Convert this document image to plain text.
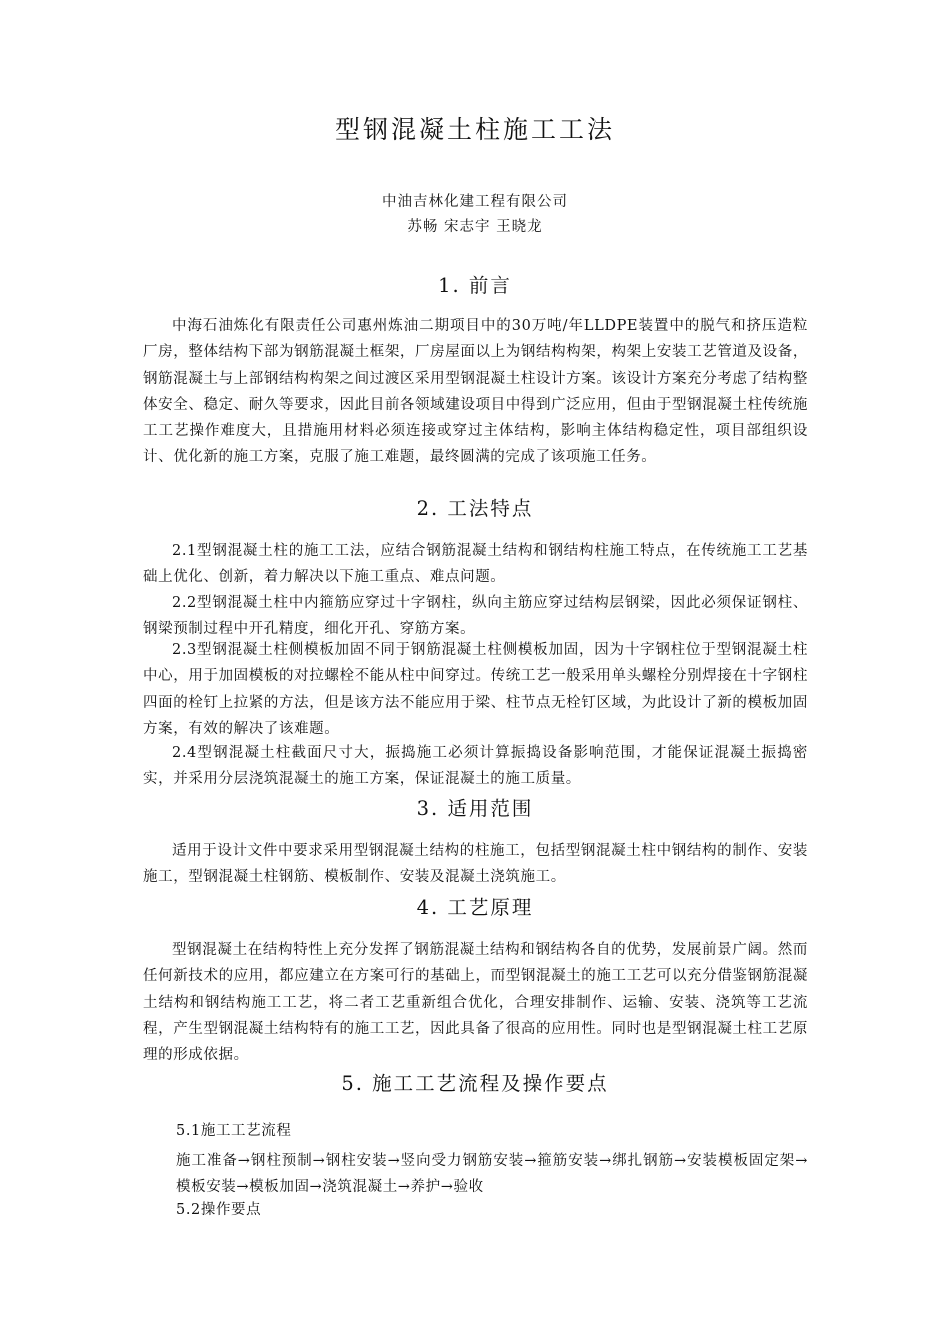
型钢混凝土柱施工工法
中油吉林化建工程有限公司
苏畅 宋志宇 王晓龙
1. 前言
中海石油炼化有限责任公司惠州炼油二期项目中的30万吨/年LLDPE装置中的脱气和挤压造粒厂房，整体结构下部为钢筋混凝土框架，厂房屋面以上为钢结构构架，构架上安装工艺管道及设备，钢筋混凝土与上部钢结构构架之间过渡区采用型钢混凝土柱设计方案。该设计方案充分考虑了结构整体安全、稳定、耐久等要求，因此目前各领域建设项目中得到广泛应用，但由于型钢混凝土柱传统施工工艺操作难度大，且措施用材料必须连接或穿过主体结构，影响主体结构稳定性，项目部组织设计、优化新的施工方案，克服了施工难题，最终圆满的完成了该项施工任务。
2. 工法特点
2.1型钢混凝土柱的施工工法，应结合钢筋混凝土结构和钢结构柱施工特点，在传统施工工艺基础上优化、创新，着力解决以下施工重点、难点问题。
2.2型钢混凝土柱中内箍筋应穿过十字钢柱，纵向主筋应穿过结构层钢梁，因此必须保证钢柱、钢梁预制过程中开孔精度，细化开孔、穿筋方案。
2.3型钢混凝土柱侧模板加固不同于钢筋混凝土柱侧模板加固，因为十字钢柱位于型钢混凝土柱中心，用于加固模板的对拉螺栓不能从柱中间穿过。传统工艺一般采用单头螺栓分别焊接在十字钢柱四面的栓钉上拉紧的方法，但是该方法不能应用于梁、柱节点无栓钉区域，为此设计了新的模板加固方案，有效的解决了该难题。
2.4型钢混凝土柱截面尺寸大，振捣施工必须计算振捣设备影响范围，才能保证混凝土振捣密实，并采用分层浇筑混凝土的施工方案，保证混凝土的施工质量。
3. 适用范围
适用于设计文件中要求采用型钢混凝土结构的柱施工，包括型钢混凝土柱中钢结构的制作、安装施工，型钢混凝土柱钢筋、模板制作、安装及混凝土浇筑施工。
4. 工艺原理
型钢混凝土在结构特性上充分发挥了钢筋混凝土结构和钢结构各自的优势，发展前景广阔。然而任何新技术的应用，都应建立在方案可行的基础上，而型钢混凝土的施工工艺可以充分借鉴钢筋混凝土结构和钢结构施工工艺，将二者工艺重新组合优化，合理安排制作、运输、安装、浇筑等工艺流程，产生型钢混凝土结构特有的施工工艺，因此具备了很高的应用性。同时也是型钢混凝土柱工艺原理的形成依据。
5. 施工工艺流程及操作要点
5.1施工工艺流程
施工准备→钢柱预制→钢柱安装→竖向受力钢筋安装→箍筋安装→绑扎钢筋→安装模板固定架→模板安装→模板加固→浇筑混凝土→养护→验收
5.2操作要点
